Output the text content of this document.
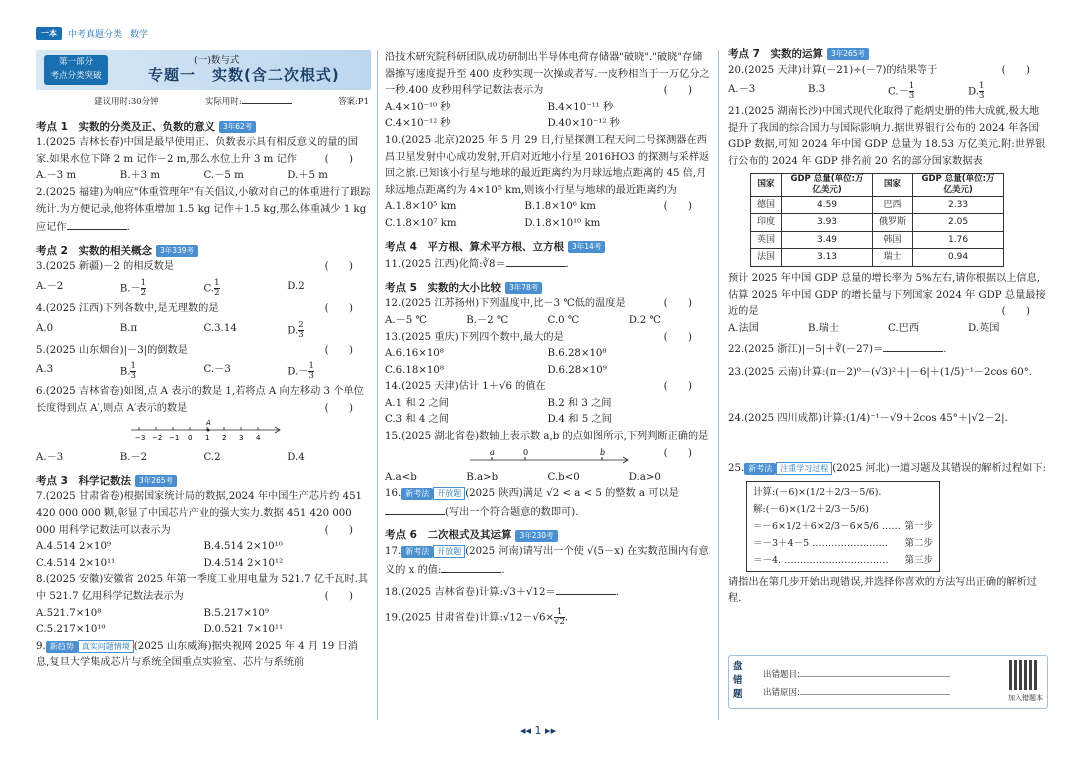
一本	中考真题分类 数学
第一部分
考点分类突破
(一)数与式
专题一　实数(含二次根式)
建议用时:30分钟	实际用时:	答案:P1
考点 1　实数的分类及正、负数的意义	3年62考

1.(2025 吉林长春)中国是最早使用正、负数表示具有相反意义的量的国家.如果水位下降 2 m 记作－2 m,那么水位上升 3 m 记作	(　　)

A.－3 m	B.＋3 m	C.－5 m	D.＋5 m

2.(2025 福建)为响应"体重管理年"有关倡议,小敏对自己的体重进行了跟踪统计.为方便记录,他将体重增加 1.5 kg 记作＋1.5 kg,那么体重减少 1 kg 应记作	.

考点 2　实数的相关概念	3年339考

3.(2025 新疆)－2 的相反数是	(　　)

A.－2	$B.- \frac{1}{2}$	C. $\frac{1}{2}$	D.2

4.(2025 江西)下列各数中,是无理数的是	(　　)

A.0	B.π	C.3.14	D. $\frac{2}{3}$

5.(2025 山东烟台)|－3|的倒数是	(　　)

A.3	B. $\frac{1}{3}$	C.－3	$D.- \frac{1}{3}$

6.(2025 吉林省卷)如图,点 A 表示的数是 1,若将点 A 向左移动 3 个单位长度得到点 A′,则点 A′表示的数是	(　　)

−3 −2 −1 0 1 2 3 4
A
A.－3	B.－2	C.2	D.4
考点 3　科学记数法	3年265考

7.(2025 甘肃省卷)根据国家统计局的数据,2024 年中国生产芯片约 451 420 000 000 颗,彰显了中国芯片产业的强大实力.数据 451 420 000 000 用科学记数法可以表示为	(　　)

A.4.514 2×10⁹	B.4.514 2×10¹⁰
C.4.514 2×10¹¹	D.4.514 2×10¹²

8.(2025 安徽)安徽省 2025 年第一季度工业用电量为 521.7 亿千瓦时.其中 521.7 亿用科学记数法表示为	(　　)

A.521.7×10⁸	B.5.217×10⁹
C.5.217×10¹⁰	D.0.521 7×10¹¹

9. 新趋势 真实问题情境 (2025 山东威海)据央视网 2025 年 4 月 19 日消息,复旦大学集成芯片与系统全国重点实验室、芯片与系统前

沿技术研究院科研团队成功研制出半导体电荷存储器"破晓"."破晓"存储器擦写速度提升至 400 皮秒实现一次操或者写.一皮秒相当于一万亿分之一秒.400 皮秒用科学记数法表示为	(　　)

A.4×10⁻¹⁰ 秒	B.4×10⁻¹¹ 秒
C.4×10⁻¹² 秒	D.40×10⁻¹² 秒

10.(2025 北京)2025 年 5 月 29 日,行星探测工程天问二号探测器在西昌卫星发射中心成功发射,开启对近地小行星 2016HO3 的探测与采样返回之旅.已知该小行星与地球的最近距离约为月球远地点距离的 45 倍,月球远地点距离约为 4×10⁵ km,则该小行星与地球的最近距离约为
(　　)

A.1.8×10⁵ km	B.1.8×10⁶ km
C.1.8×10⁷ km	D.1.8×10¹⁰ km
考点 4　平方根、算术平方根、立方根	3年14考

11.(2025 江西)化简:∛8＝	.

考点 5　实数的大小比较	3年78考

12.(2025 江苏扬州)下列温度中,比－3 ℃低的温度是	(　　)

A.－5 ℃	B.－2 ℃	C.0 ℃	D.2 ℃

13.(2025 重庆)下列四个数中,最大的是	(　　)

A.6.16×10⁸	B.6.28×10⁸
C.6.18×10⁸	D.6.28×10⁹

14.(2025 天津)估计 1＋√6 的值在	(　　)

A.1 和 2 之间	B.2 和 3 之间
C.3 和 4 之间	D.4 和 5 之间

15.(2025 湖北省卷)数轴上表示数 a,b 的点如图所示,下列判断正确的是
(　　)

a	0	b
A.a<b	B.a>b	C.b<0	D.a>0

16. 新考法 开放题 (2025 陕西)满足 √2 < a < 5 的整数 a 可以是
(写出一个符合题意的数即可).

考点 6　二次根式及其运算	3年230考

17. 新考法 开放题 (2025 河南)请写出一个使 √(5－x) 在实数范围内有意义的 x 的值:	.

18.(2025 吉林省卷)计算:√3＋√12＝	.

19.(2025 甘肃省卷)计算:√12－√6× $\frac{1}{√2}$ .

考点 7　实数的运算	3年265考

20.(2025 天津)计算(－21)÷(－7)的结果等于	(　　)

A.－3	B.3	$C.- \frac{1}{3}$	D. $\frac{1}{3}$

21.(2025 湖南长沙)中国式现代化取得了彪炳史册的伟大成就,极大地提升了我国的综合国力与国际影响力.据世界银行公布的 2024 年各国 GDP 数据,可知 2024 年中国 GDP 总量为 18.53 万亿美元.附:世界银行公布的 2024 年 GDP 排名前 20 名的部分国家数据表

国家	GDP 总量(单位:万亿美元)	国家	GDP 总量(单位:万亿美元)
德国	4.59	巴西	2.33
印度	3.93	俄罗斯	2.05
英国	3.49	韩国	1.76
法国	3.13	瑞士	0.94

预计 2025 年中国 GDP 总量的增长率为 5%左右,请你根据以上信息,估算 2025 年中国 GDP 的增长量与下列国家 2024 年 GDP 总量最接近的是	(　　)

A.法国	B.瑞士	C.巴西	D.英国

22.(2025 浙江)|－5|＋∛(－27)＝	.

23.(2025 云南)计算:(π－2)⁰－(√3)²＋|－6|＋(1/5)⁻¹－2cos 60°.

24.(2025 四川成都)计算:(1/4)⁻¹－√9＋2cos 45°＋|√2－2|.

25. 新考法 注重学习过程 (2025 河北)一道习题及其错误的解析过程如下:

计算:(－6)×(1/2＋2/3－5/6).
解:(－6)×(1/2＋2/3－5/6)
＝－6×1/2＋6×2/3－6×5/6 …… 第一步
＝－3＋4－5 …………………… 第二步
＝－4. …………………………… 第三步

请指出在第几步开始出现错误,并选择你喜欢的方法写出正确的解析过程.

盘错题
出错题目:
出错原因:	加入错题本
◂◂ 1 ▸▸
